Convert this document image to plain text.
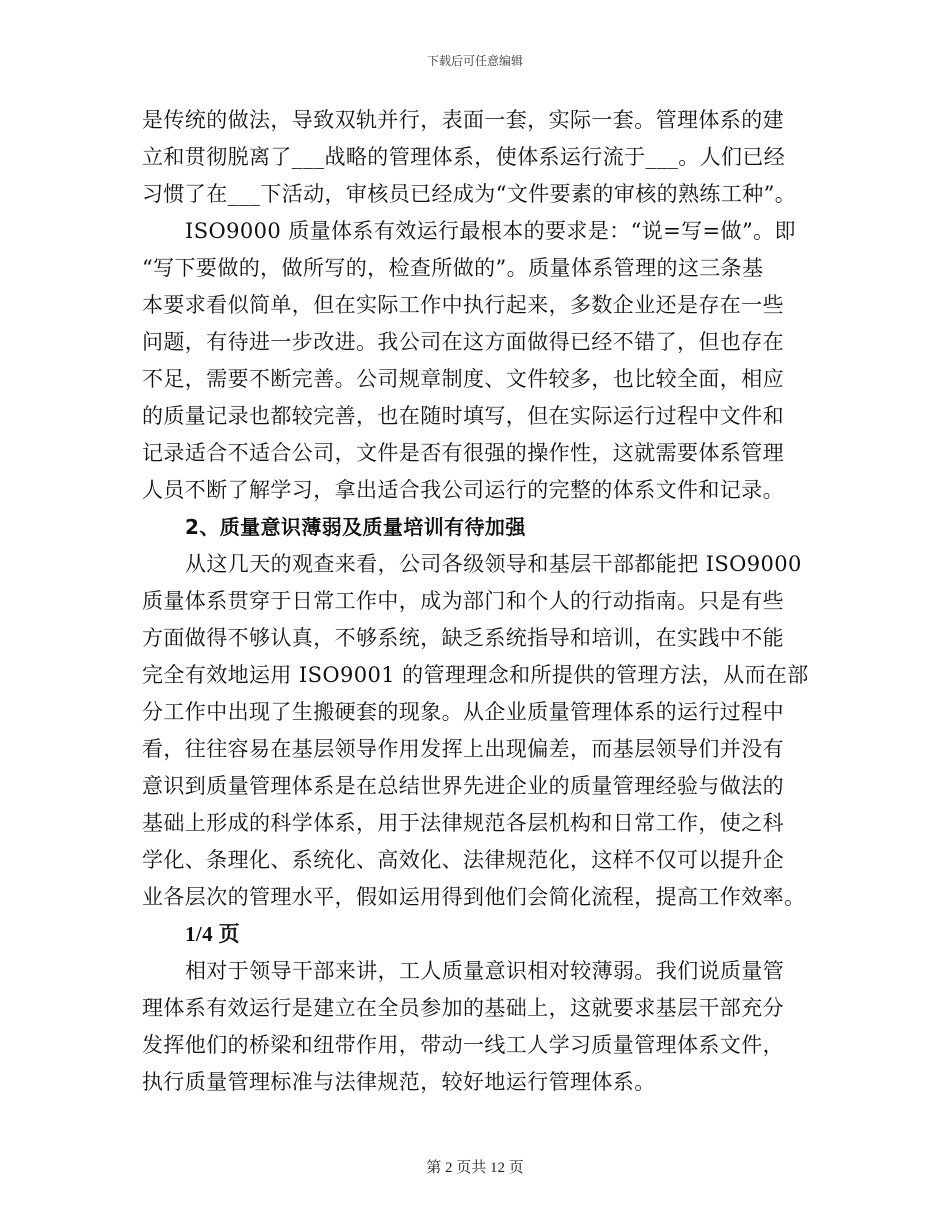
下载后可任意编辑
是传统的做法，导致双轨并行，表面一套，实际一套。管理体系的建
立和贯彻脱离了___战略的管理体系，使体系运行流于___。人们已经
习惯了在___下活动，审核员已经成为“文件要素的审核的熟练工种”。
ISO9000 质量体系有效运行最根本的要求是：“说=写=做”。即
“写下要做的，做所写的，检查所做的”。质量体系管理的这三条基
本要求看似简单，但在实际工作中执行起来，多数企业还是存在一些
问题，有待进一步改进。我公司在这方面做得已经不错了，但也存在
不足，需要不断完善。公司规章制度、文件较多，也比较全面，相应
的质量记录也都较完善，也在随时填写，但在实际运行过程中文件和
记录适合不适合公司，文件是否有很强的操作性，这就需要体系管理
人员不断了解学习，拿出适合我公司运行的完整的体系文件和记录。
2、质量意识薄弱及质量培训有待加强
从这几天的观查来看，公司各级领导和基层干部都能把 ISO9000
质量体系贯穿于日常工作中，成为部门和个人的行动指南。只是有些
方面做得不够认真，不够系统，缺乏系统指导和培训，在实践中不能
完全有效地运用 ISO9001 的管理理念和所提供的管理方法，从而在部
分工作中出现了生搬硬套的现象。从企业质量管理体系的运行过程中
看，往往容易在基层领导作用发挥上出现偏差，而基层领导们并没有
意识到质量管理体系是在总结世界先进企业的质量管理经验与做法的
基础上形成的科学体系，用于法律规范各层机构和日常工作，使之科
学化、条理化、系统化、高效化、法律规范化，这样不仅可以提升企
业各层次的管理水平，假如运用得到他们会简化流程，提高工作效率。
1/4 页
相对于领导干部来讲，工人质量意识相对较薄弱。我们说质量管
理体系有效运行是建立在全员参加的基础上，这就要求基层干部充分
发挥他们的桥梁和纽带作用，带动一线工人学习质量管理体系文件，
执行质量管理标准与法律规范，较好地运行管理体系。
第 2 页共 12 页
